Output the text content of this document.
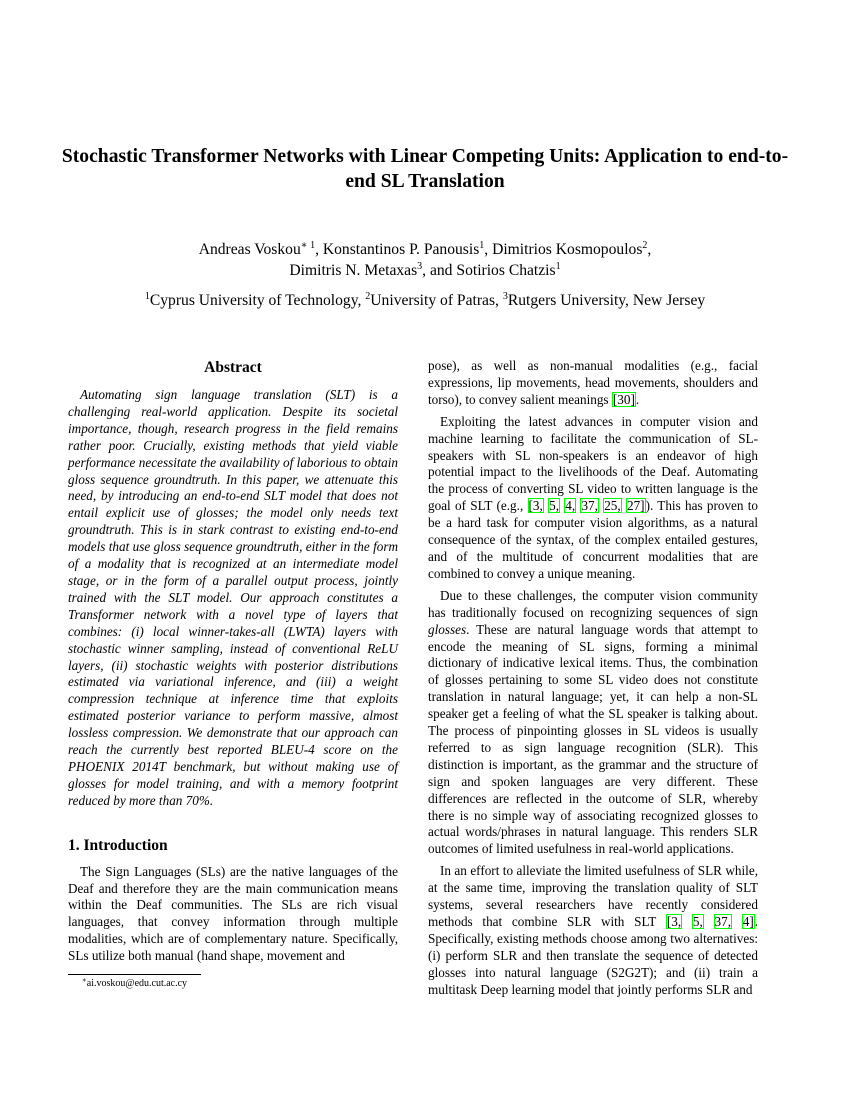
Stochastic Transformer Networks with Linear Competing Units: Application to end-to-end SL Translation
Andreas Voskou$^{∗ 1}$, Konstantinos P. Panousis$^1$, Dimitrios Kosmopoulos$^2$,
Dimitris N. Metaxas$^3$, and Sotirios Chatzis$^1$
$^1$Cyprus University of Technology, $^2$University of Patras, $^3$Rutgers University, New Jersey
Abstract

Automating sign language translation (SLT) is a challenging real-world application. Despite its societal importance, though, research progress in the field remains rather poor. Crucially, existing methods that yield viable performance necessitate the availability of laborious to obtain gloss sequence groundtruth. In this paper, we attenuate this need, by introducing an end-to-end SLT model that does not entail explicit use of glosses; the model only needs text groundtruth. This is in stark contrast to existing end-to-end models that use gloss sequence groundtruth, either in the form of a modality that is recognized at an intermediate model stage, or in the form of a parallel output process, jointly trained with the SLT model. Our approach constitutes a Transformer network with a novel type of layers that combines: (i) local winner-takes-all (LWTA) layers with stochastic winner sampling, instead of conventional ReLU layers, (ii) stochastic weights with posterior distributions estimated via variational inference, and (iii) a weight compression technique at inference time that exploits estimated posterior variance to perform massive, almost lossless compression. We demonstrate that our approach can reach the currently best reported BLEU-4 score on the PHOENIX 2014T benchmark, but without making use of glosses for model training, and with a memory footprint reduced by more than 70%.

1. Introduction

The Sign Languages (SLs) are the native languages of the Deaf and therefore they are the main communication means within the Deaf communities. The SLs are rich visual languages, that convey information through multiple modalities, which are of complementary nature. Specifically, SLs utilize both manual (hand shape, movement and

pose), as well as non-manual modalities (e.g., facial expressions, lip movements, head movements, shoulders and torso), to convey salient meanings [30].

Exploiting the latest advances in computer vision and machine learning to facilitate the communication of SL-speakers with SL non-speakers is an endeavor of high potential impact to the livelihoods of the Deaf. Automating the process of converting SL video to written language is the goal of SLT (e.g., [3, 5, 4, 37, 25, 27]). This has proven to be a hard task for computer vision algorithms, as a natural consequence of the syntax, of the complex entailed gestures, and of the multitude of concurrent modalities that are combined to convey a unique meaning.

Due to these challenges, the computer vision community has traditionally focused on recognizing sequences of sign glosses. These are natural language words that attempt to encode the meaning of SL signs, forming a minimal dictionary of indicative lexical items. Thus, the combination of glosses pertaining to some SL video does not constitute translation in natural language; yet, it can help a non-SL speaker get a feeling of what the SL speaker is talking about. The process of pinpointing glosses in SL videos is usually referred to as sign language recognition (SLR). This distinction is important, as the grammar and the structure of sign and spoken languages are very different. These differences are reflected in the outcome of SLR, whereby there is no simple way of associating recognized glosses to actual words/phrases in natural language. This renders SLR outcomes of limited usefulness in real-world applications.

In an effort to alleviate the limited usefulness of SLR while, at the same time, improving the translation quality of SLT systems, several researchers have recently considered methods that combine SLR with SLT [3, 5, 37, 4]. Specifically, existing methods choose among two alternatives: (i) perform SLR and then translate the sequence of detected glosses into natural language (S2G2T); and (ii) train a multitask Deep learning model that jointly performs SLR and

∗ai.voskou@edu.cut.ac.cy
